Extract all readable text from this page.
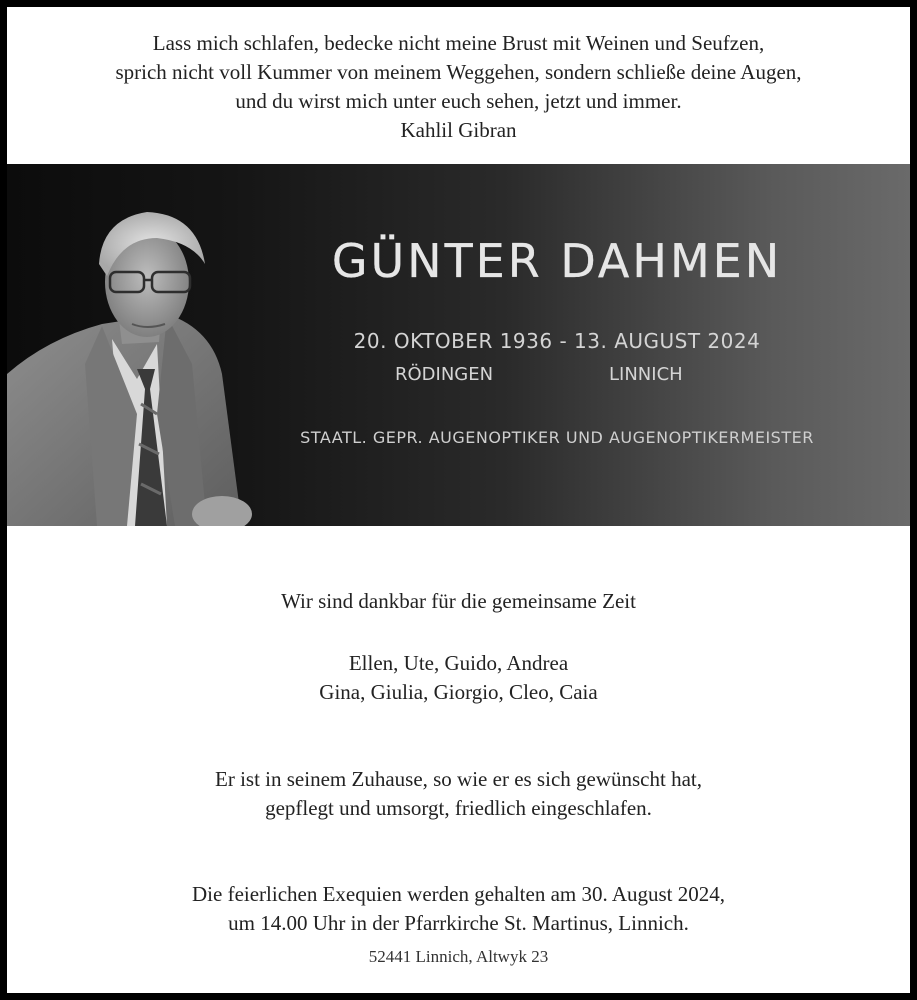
Lass mich schlafen, bedecke nicht meine Brust mit Weinen und Seufzen,
sprich nicht voll Kummer von meinem Weggehen, sondern schließe deine Augen,
und du wirst mich unter euch sehen, jetzt und immer.
Kahlil Gibran
GÜNTER DAHMEN
20. OKTOBER 1936 - 13. AUGUST 2024
RÖDINGEN	LINNICH
STAATL. GEPR. AUGENOPTIKER UND AUGENOPTIKERMEISTER
Wir sind dankbar für die gemeinsame Zeit
Ellen, Ute, Guido, Andrea
Gina, Giulia, Giorgio, Cleo, Caia
Er ist in seinem Zuhause, so wie er es sich gewünscht hat,
gepflegt und umsorgt, friedlich eingeschlafen.
Die feierlichen Exequien werden gehalten am 30. August 2024,
um 14.00 Uhr in der Pfarrkirche St. Martinus, Linnich.
52441 Linnich, Altwyk 23
